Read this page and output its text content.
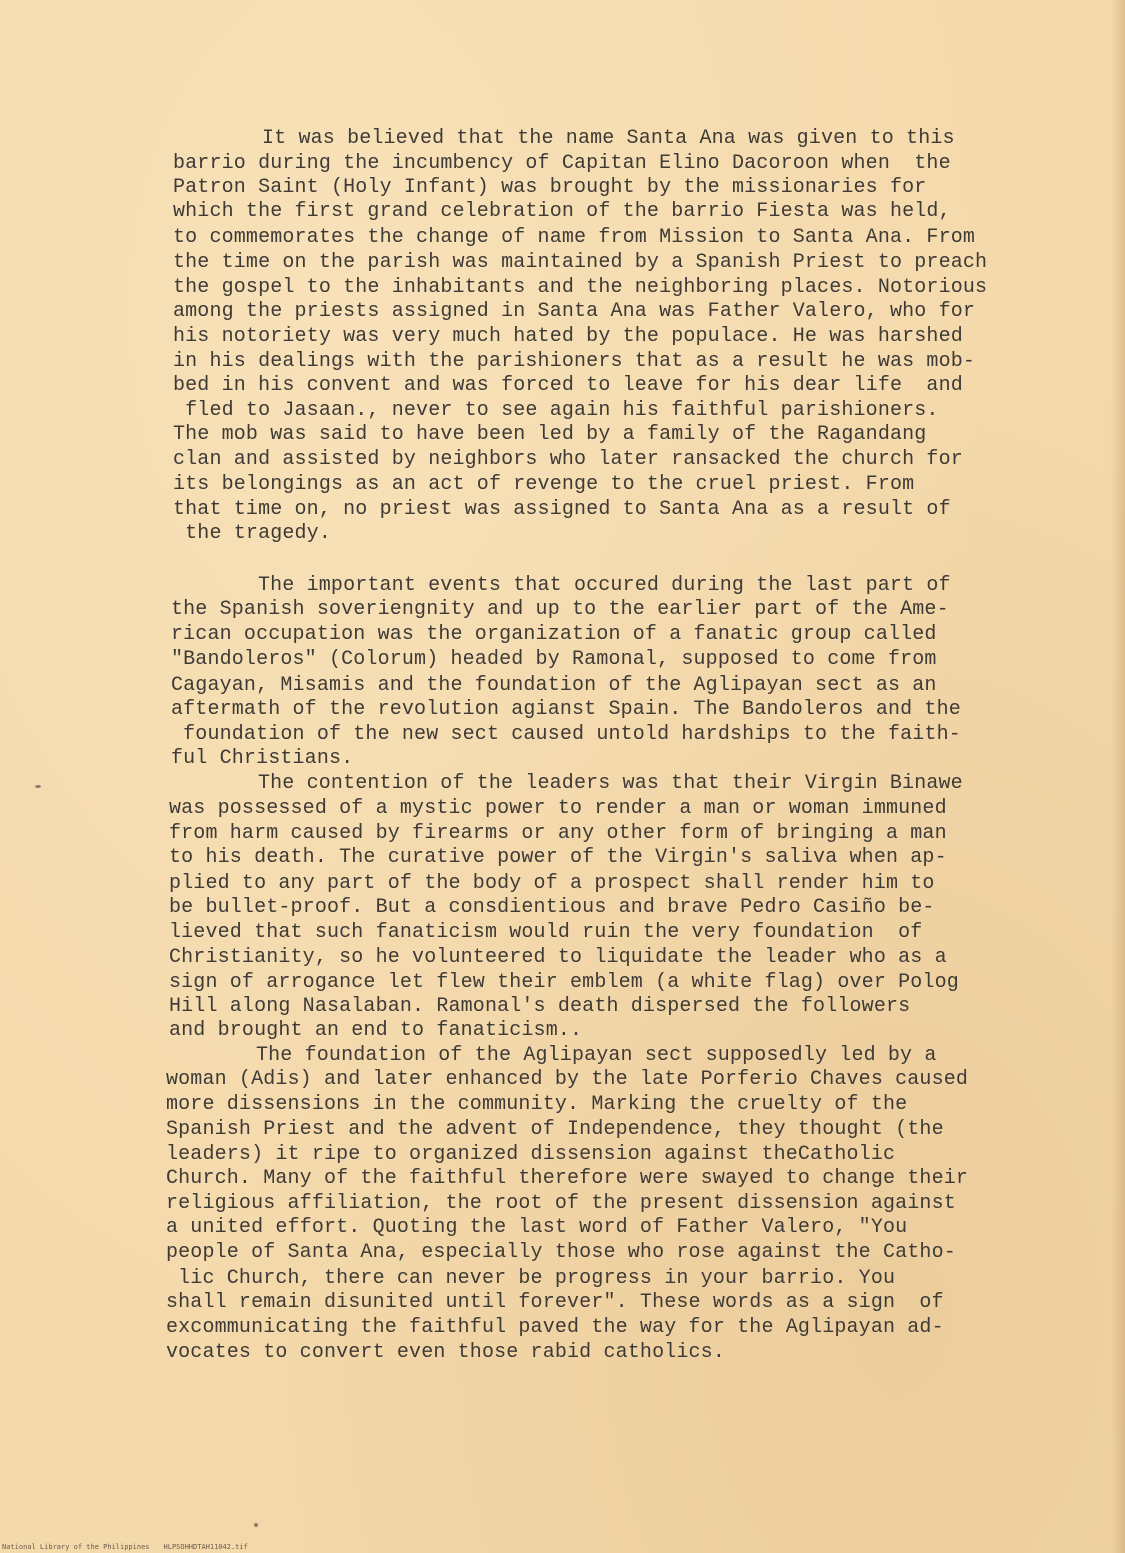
It was believed that the name Santa Ana was given to this
barrio during the incumbency of Capitan Elino Dacoroon when  the
Patron Saint (Holy Infant) was brought by the missionaries for
which the first grand celebration of the barrio Fiesta was held,
to commemorates the change of name from Mission to Santa Ana. From
the time on the parish was maintained by a Spanish Priest to preach
the gospel to the inhabitants and the neighboring places. Notorious
among the priests assigned in Santa Ana was Father Valero, who for
his notoriety was very much hated by the populace. He was harshed
in his dealings with the parishioners that as a result he was mob-
bed in his convent and was forced to leave for his dear life  and
fled to Jasaan., never to see again his faithful parishioners.
The mob was said to have been led by a family of the Ragandang
clan and assisted by neighbors who later ransacked the church for
its belongings as an act of revenge to the cruel priest. From
that time on, no priest was assigned to Santa Ana as a result of
the tragedy.
The important events that occured during the last part of
the Spanish soveriengnity and up to the earlier part of the Ame-
rican occupation was the organization of a fanatic group called
"Bandoleros" (Colorum) headed by Ramonal, supposed to come from
Cagayan, Misamis and the foundation of the Aglipayan sect as an
aftermath of the revolution agianst Spain. The Bandoleros and the
foundation of the new sect caused untold hardships to the faith-
ful Christians.
The contention of the leaders was that their Virgin Binawe
was possessed of a mystic power to render a man or woman immuned
from harm caused by firearms or any other form of bringing a man
to his death. The curative power of the Virgin's saliva when ap-
plied to any part of the body of a prospect shall render him to
be bullet-proof. But a consdientious and brave Pedro Casiño be-
lieved that such fanaticism would ruin the very foundation  of
Christianity, so he volunteered to liquidate the leader who as a
sign of arrogance let flew their emblem (a white flag) over Polog
Hill along Nasalaban. Ramonal's death dispersed the followers
and brought an end to fanaticism..
The foundation of the Aglipayan sect supposedly led by a
woman (Adis) and later enhanced by the late Porferio Chaves caused
more dissensions in the community. Marking the cruelty of the
Spanish Priest and the advent of Independence, they thought (the
leaders) it ripe to organized dissension against theCatholic
Church. Many of the faithful therefore were swayed to change their
religious affiliation, the root of the present dissension against
a united effort. Quoting the last word of Father Valero, "You
people of Santa Ana, especially those who rose against the Catho-
lic Church, there can never be progress in your barrio. You
shall remain disunited until forever". These words as a sign  of
excommunicating the faithful paved the way for the Aglipayan ad-
vocates to convert even those rabid catholics.
National Library of the Philippines HLPSOHHDTAH11042.tif
